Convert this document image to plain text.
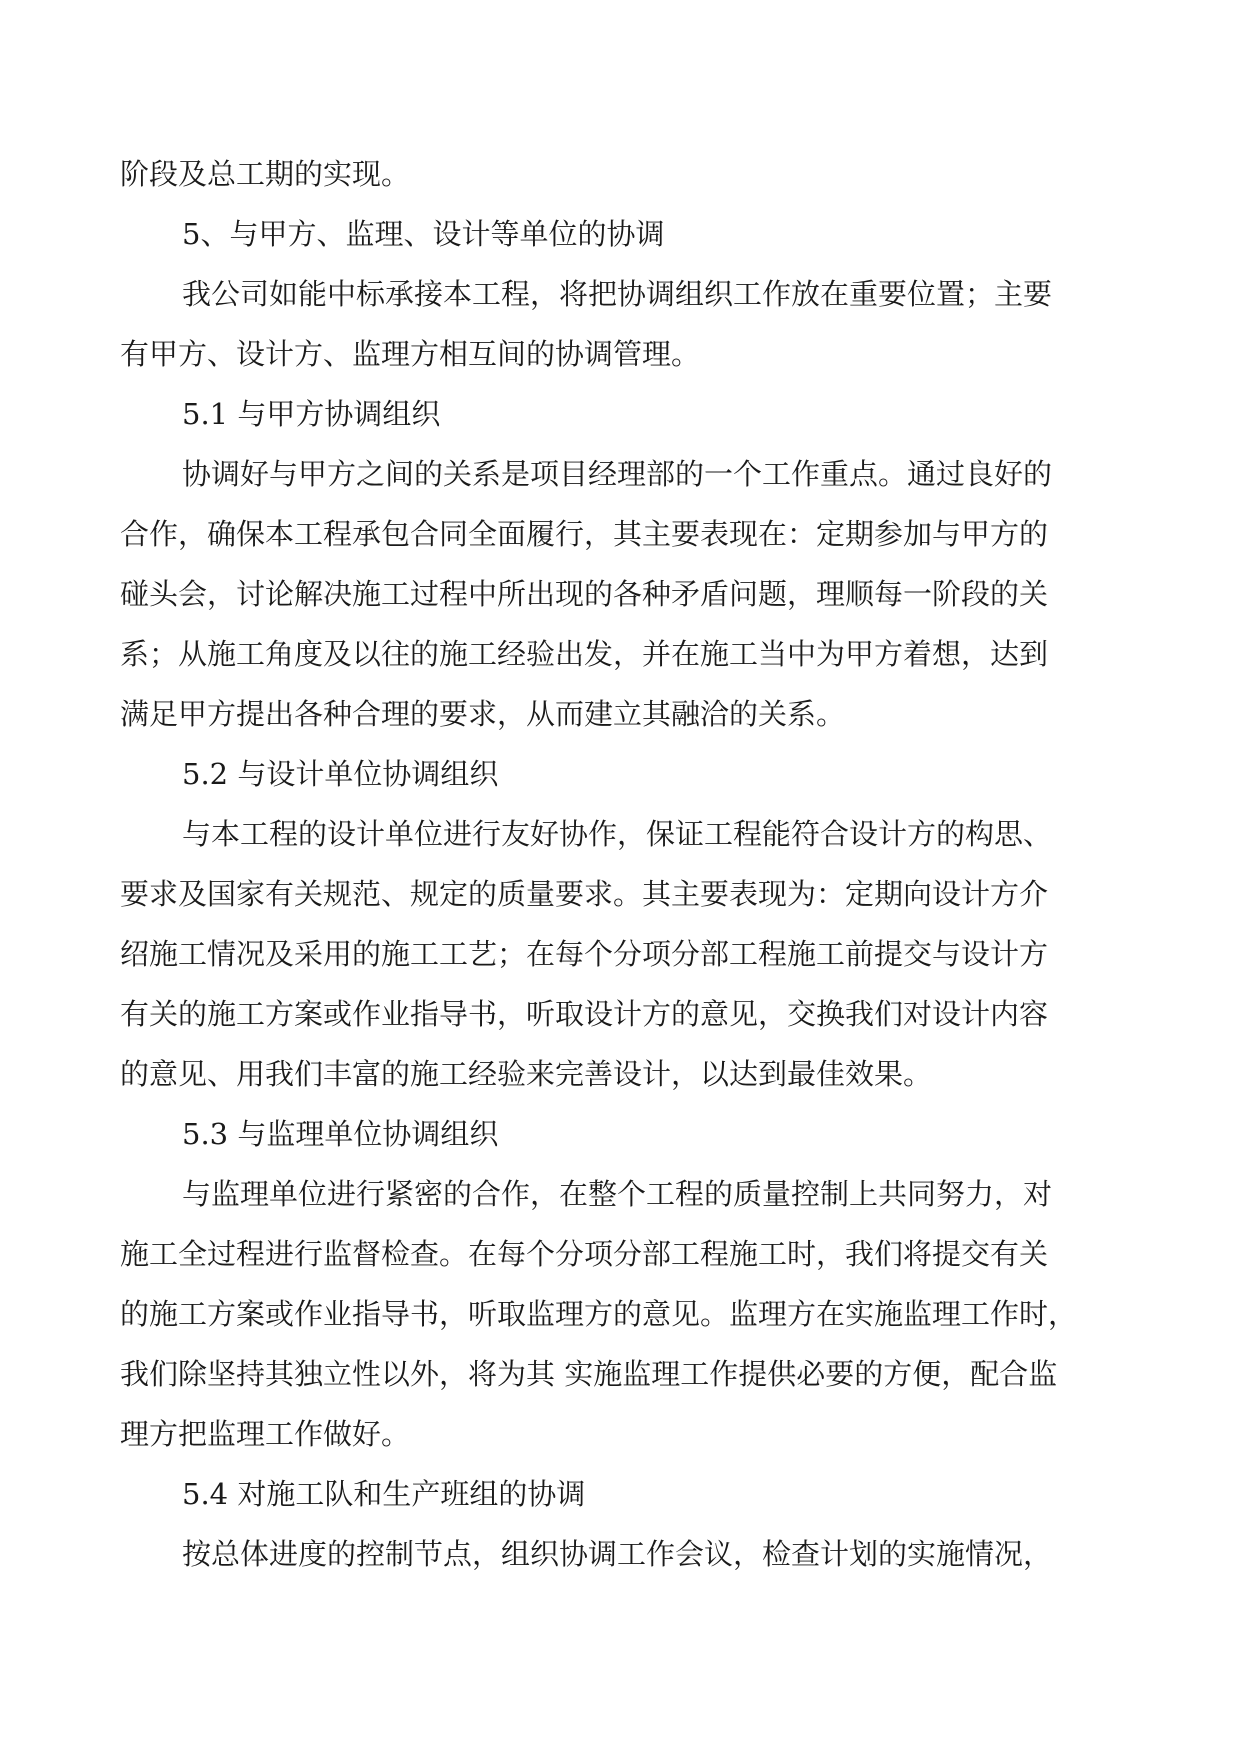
阶段及总工期的实现。
5、与甲方、监理、设计等单位的协调
我公司如能中标承接本工程，将把协调组织工作放在重要位置；主要
有甲方、设计方、监理方相互间的协调管理。
5.1 与甲方协调组织
协调好与甲方之间的关系是项目经理部的一个工作重点。通过良好的
合作，确保本工程承包合同全面履行，其主要表现在：定期参加与甲方的
碰头会，讨论解决施工过程中所出现的各种矛盾问题，理顺每一阶段的关
系；从施工角度及以往的施工经验出发，并在施工当中为甲方着想，达到
满足甲方提出各种合理的要求，从而建立其融洽的关系。
5.2 与设计单位协调组织
与本工程的设计单位进行友好协作，保证工程能符合设计方的构思、
要求及国家有关规范、规定的质量要求。其主要表现为：定期向设计方介
绍施工情况及采用的施工工艺；在每个分项分部工程施工前提交与设计方
有关的施工方案或作业指导书，听取设计方的意见，交换我们对设计内容
的意见、用我们丰富的施工经验来完善设计，以达到最佳效果。
5.3 与监理单位协调组织
与监理单位进行紧密的合作，在整个工程的质量控制上共同努力，对
施工全过程进行监督检查。在每个分项分部工程施工时，我们将提交有关
的施工方案或作业指导书，听取监理方的意见。监理方在实施监理工作时，
我们除坚持其独立性以外，将为其 实施监理工作提供必要的方便，配合监
理方把监理工作做好。
5.4 对施工队和生产班组的协调
按总体进度的控制节点，组织协调工作会议，检查计划的实施情况，
